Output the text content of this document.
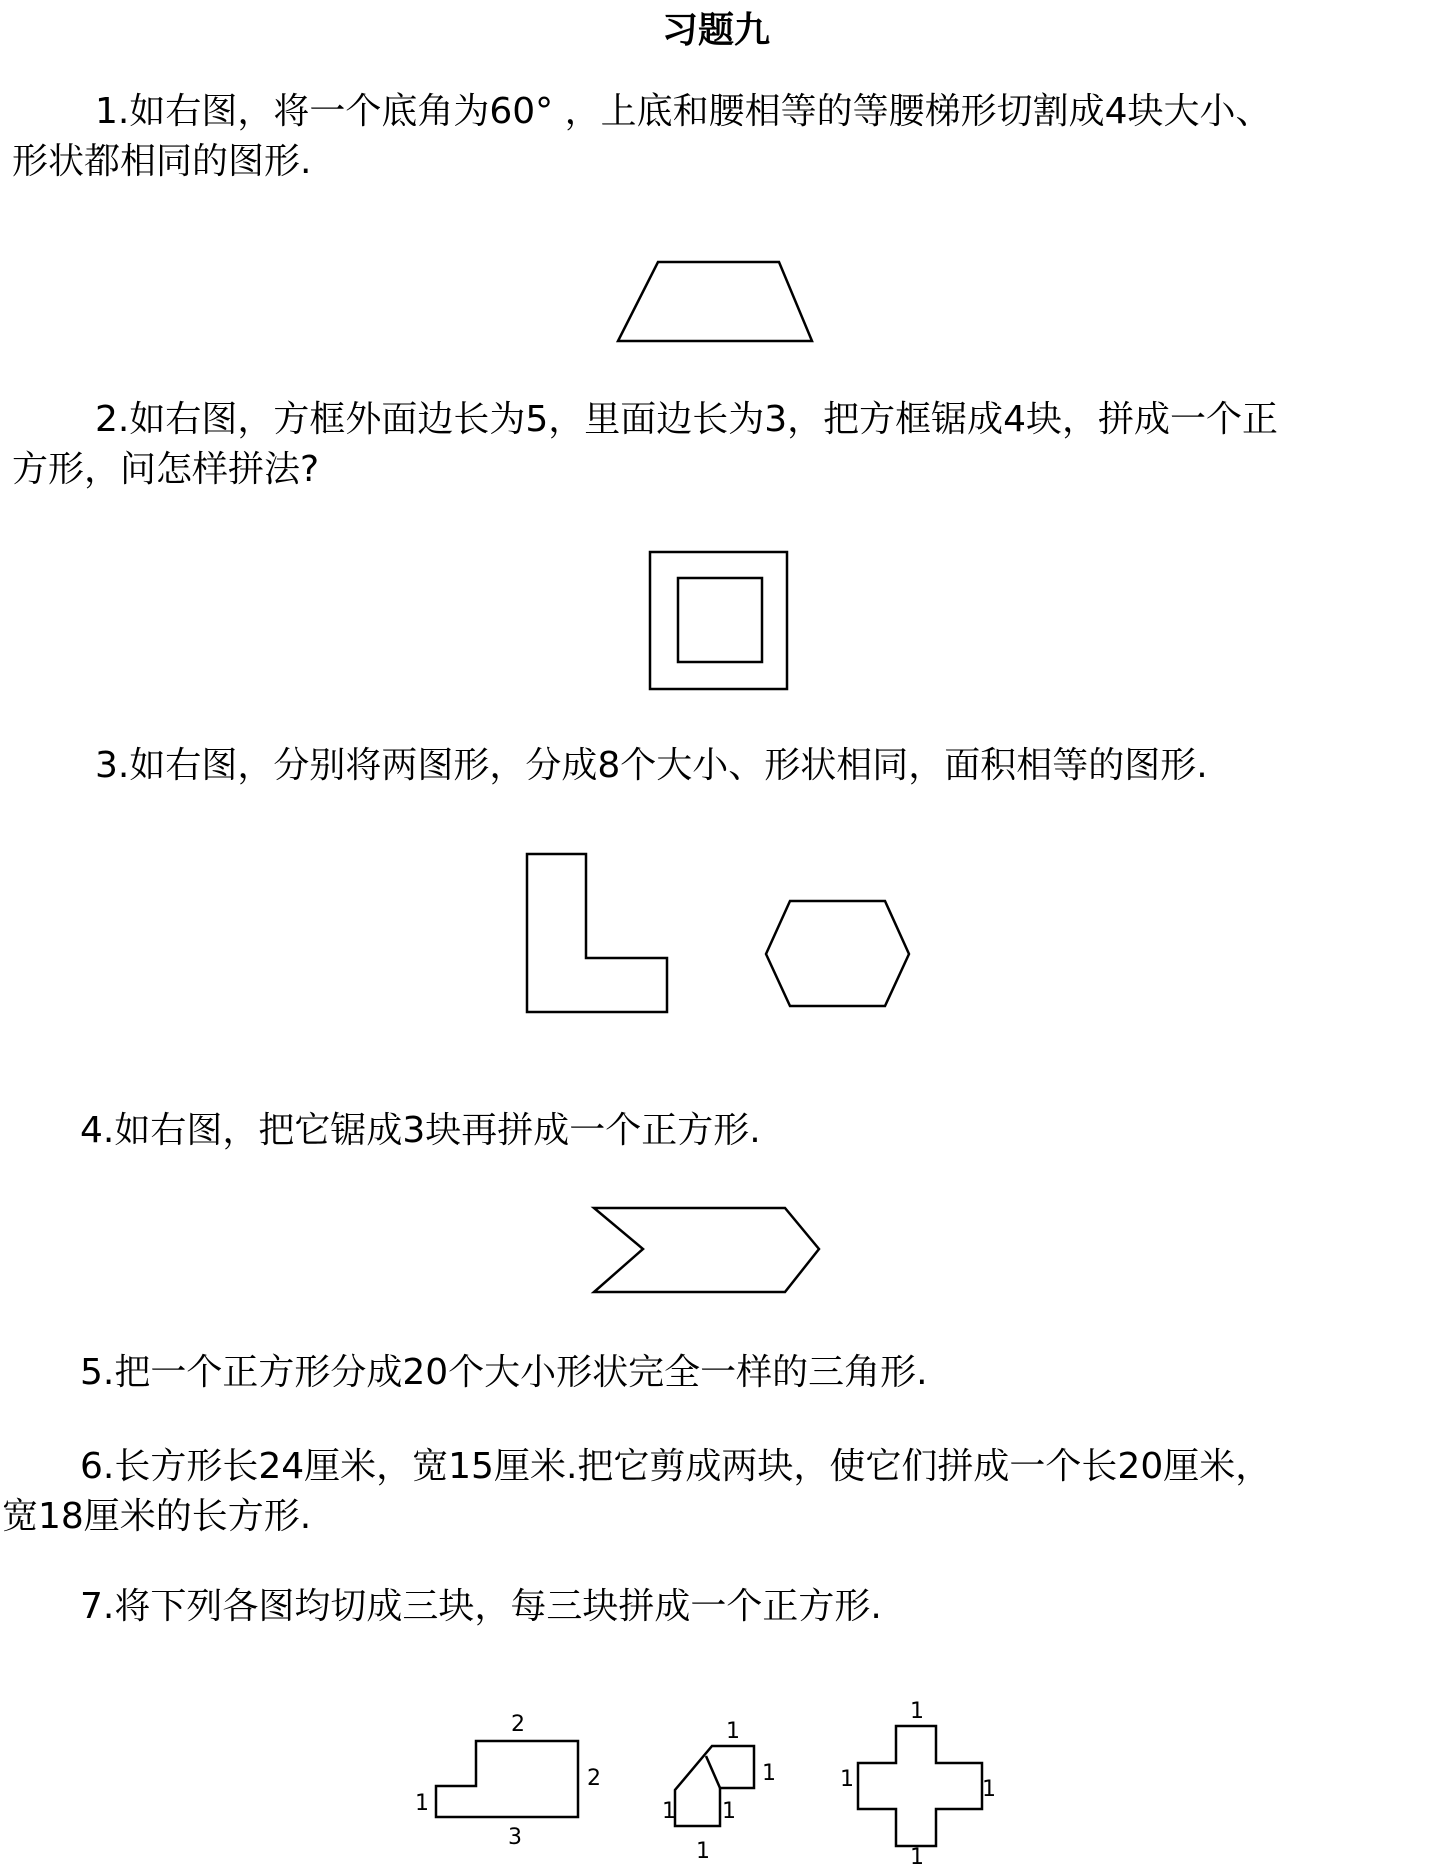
习题九
1.如右图，将一个底角为60° ，上底和腰相等的等腰梯形切割成4块大小、
形状都相同的图形.
2.如右图，方框外面边长为5，里面边长为3，把方框锯成4块，拼成一个正
方形，问怎样拼法?
3.如右图，分别将两图形，分成8个大小、形状相同，面积相等的图形.
4.如右图，把它锯成3块再拼成一个正方形.
5.把一个正方形分成20个大小形状完全一样的三角形.
6.长方形长24厘米，宽15厘米.把它剪成两块，使它们拼成一个长20厘米，
宽18厘米的长方形.
7.将下列各图均切成三块，每三块拼成一个正方形.
2
2
1
3
1
1
1 1
1
1
1	1
1
